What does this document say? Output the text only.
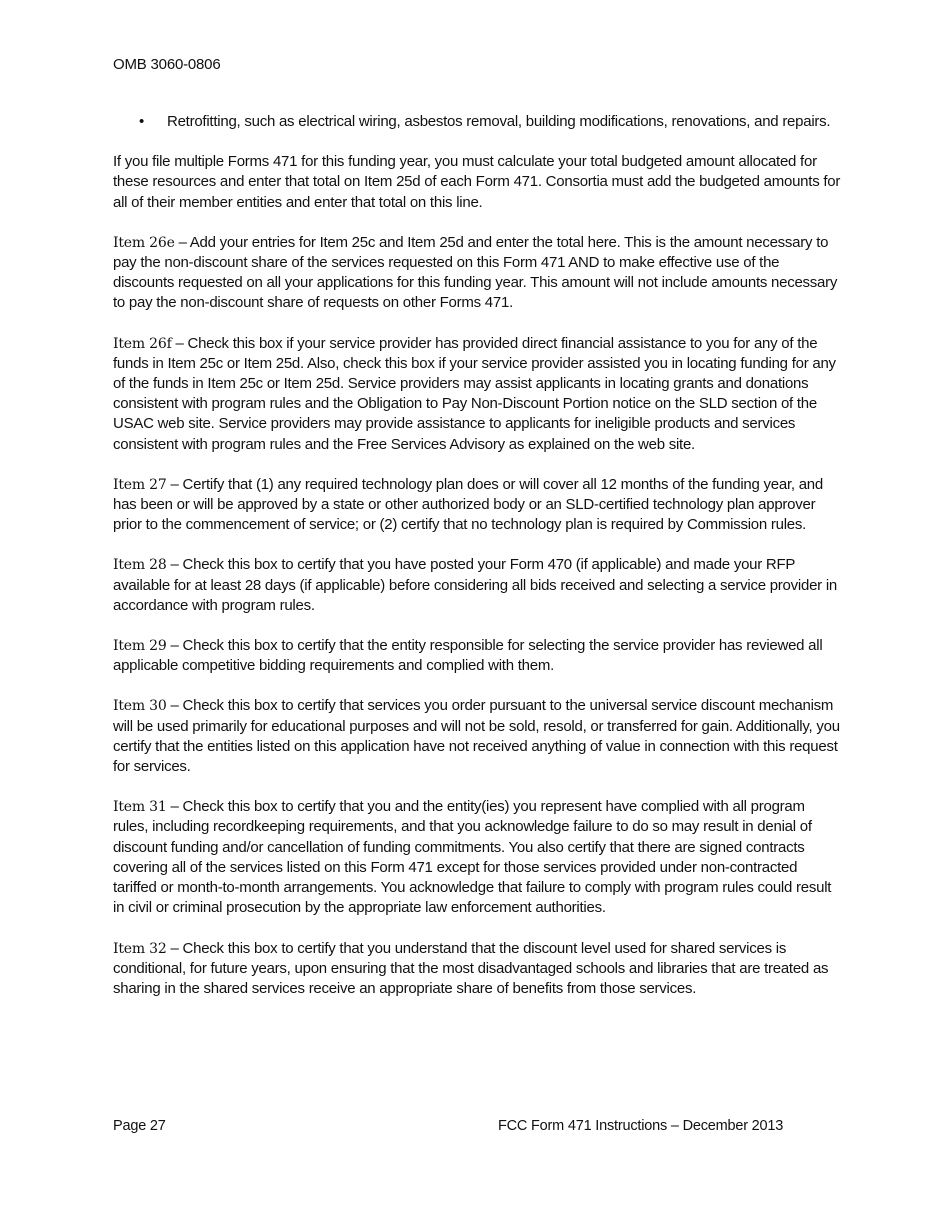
OMB 3060-0806
•	Retrofitting, such as electrical wiring, asbestos removal, building modifications, renovations, and repairs.

If you file multiple Forms 471 for this funding year, you must calculate your total budgeted amount allocated for these resources and enter that total on Item 25d of each Form 471. Consortia must add the budgeted amounts for all of their member entities and enter that total on this line.

Item 26e – Add your entries for Item 25c and Item 25d and enter the total here. This is the amount necessary to pay the non-discount share of the services requested on this Form 471 AND to make effective use of the discounts requested on all your applications for this funding year. This amount will not include amounts necessary to pay the non-discount share of requests on other Forms 471.

Item 26f – Check this box if your service provider has provided direct financial assistance to you for any of the funds in Item 25c or Item 25d. Also, check this box if your service provider assisted you in locating funding for any of the funds in Item 25c or Item 25d. Service providers may assist applicants in locating grants and donations consistent with program rules and the Obligation to Pay Non-Discount Portion notice on the SLD section of the USAC web site. Service providers may provide assistance to applicants for ineligible products and services consistent with program rules and the Free Services Advisory as explained on the web site.

Item 27 – Certify that (1) any required technology plan does or will cover all 12 months of the funding year, and has been or will be approved by a state or other authorized body or an SLD-certified technology plan approver prior to the commencement of service; or (2) certify that no technology plan is required by Commission rules.

Item 28 – Check this box to certify that you have posted your Form 470 (if applicable) and made your RFP available for at least 28 days (if applicable) before considering all bids received and selecting a service provider in accordance with program rules.

Item 29 – Check this box to certify that the entity responsible for selecting the service provider has reviewed all applicable competitive bidding requirements and complied with them.

Item 30 – Check this box to certify that services you order pursuant to the universal service discount mechanism will be used primarily for educational purposes and will not be sold, resold, or transferred for gain. Additionally, you certify that the entities listed on this application have not received anything of value in connection with this request for services.

Item 31 – Check this box to certify that you and the entity(ies) you represent have complied with all program rules, including recordkeeping requirements, and that you acknowledge failure to do so may result in denial of discount funding and/or cancellation of funding commitments. You also certify that there are signed contracts covering all of the services listed on this Form 471 except for those services provided under non-contracted tariffed or month-to-month arrangements. You acknowledge that failure to comply with program rules could result in civil or criminal prosecution by the appropriate law enforcement authorities.

Item 32 – Check this box to certify that you understand that the discount level used for shared services is conditional, for future years, upon ensuring that the most disadvantaged schools and libraries that are treated as sharing in the shared services receive an appropriate share of benefits from those services.

Page 27	FCC Form 471 Instructions – December 2013
